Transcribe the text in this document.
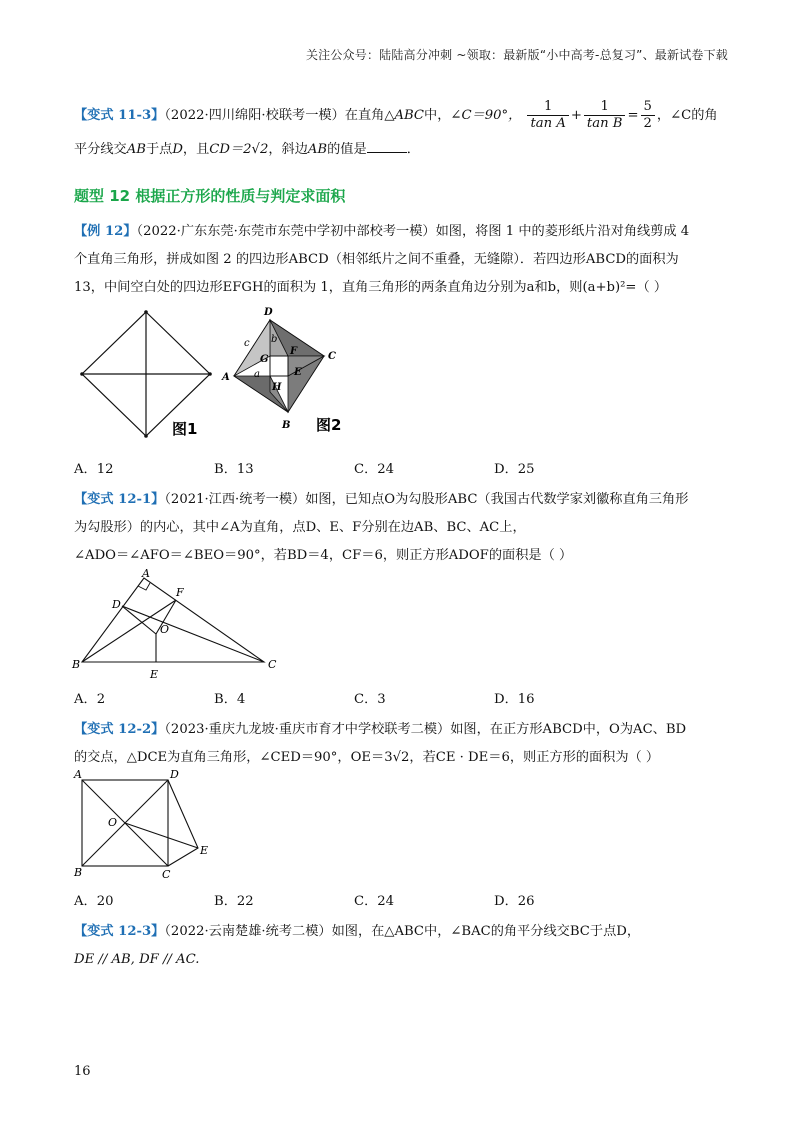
关注公众号：陆陆高分冲刺 ~领取：最新版“小中高考-总复习”、最新试卷下载

【变式 11-3】（2022·四川绵阳·校联考一模）在直角△ABC中，∠C＝90°， $\frac{1}{\text{tan A}} + \frac{1}{\text{tan B}} = \frac{5}{2}$ ，∠C的角

平分线交AB于点D，且CD＝2√2，斜边AB的值是	．

题型 12 根据正方形的性质与判定求面积

【例 12】（2022·广东东莞·东莞市东莞中学初中部校考一模）如图，将图 1 中的菱形纸片沿对角线剪成 4

个直角三角形，拼成如图 2 的四边形ABCD（相邻纸片之间不重叠，无缝隙）．若四边形ABCD的面积为

13，中间空白处的四边形EFGH的面积为 1，直角三角形的两条直角边分别为a和b，则(a+b)²=（ ）

图1
D
C
A
B
F
G
E
H
a
b
c
图2
A．12	B．13	C．24	D．25

【变式 12-1】（2021·江西·统考一模）如图，已知点O为勾股形ABC（我国古代数学家刘徽称直角三角形

为勾股形）的内心，其中∠A为直角，点D、E、F分别在边AB、BC、AC上，

∠ADO＝∠AFO＝∠BEO＝90°，若BD＝4，CF＝6，则正方形ADOF的面积是（ ）

A
B	C
D
E
F
O
A．2	B．4	C．3	D．16

【变式 12-2】（2023·重庆九龙坡·重庆市育才中学校联考二模）如图，在正方形ABCD中，O为AC、BD

的交点，△DCE为直角三角形，∠CED＝90°，OE＝3√2，若CE · DE＝6，则正方形的面积为（ ）

A
B	C
D
E
O
A．20	B．22	C．24	D．26

【变式 12-3】（2022·云南楚雄·统考二模）如图，在△ABC中，∠BAC的角平分线交BC于点D，

DE // AB, DF // AC.

16
